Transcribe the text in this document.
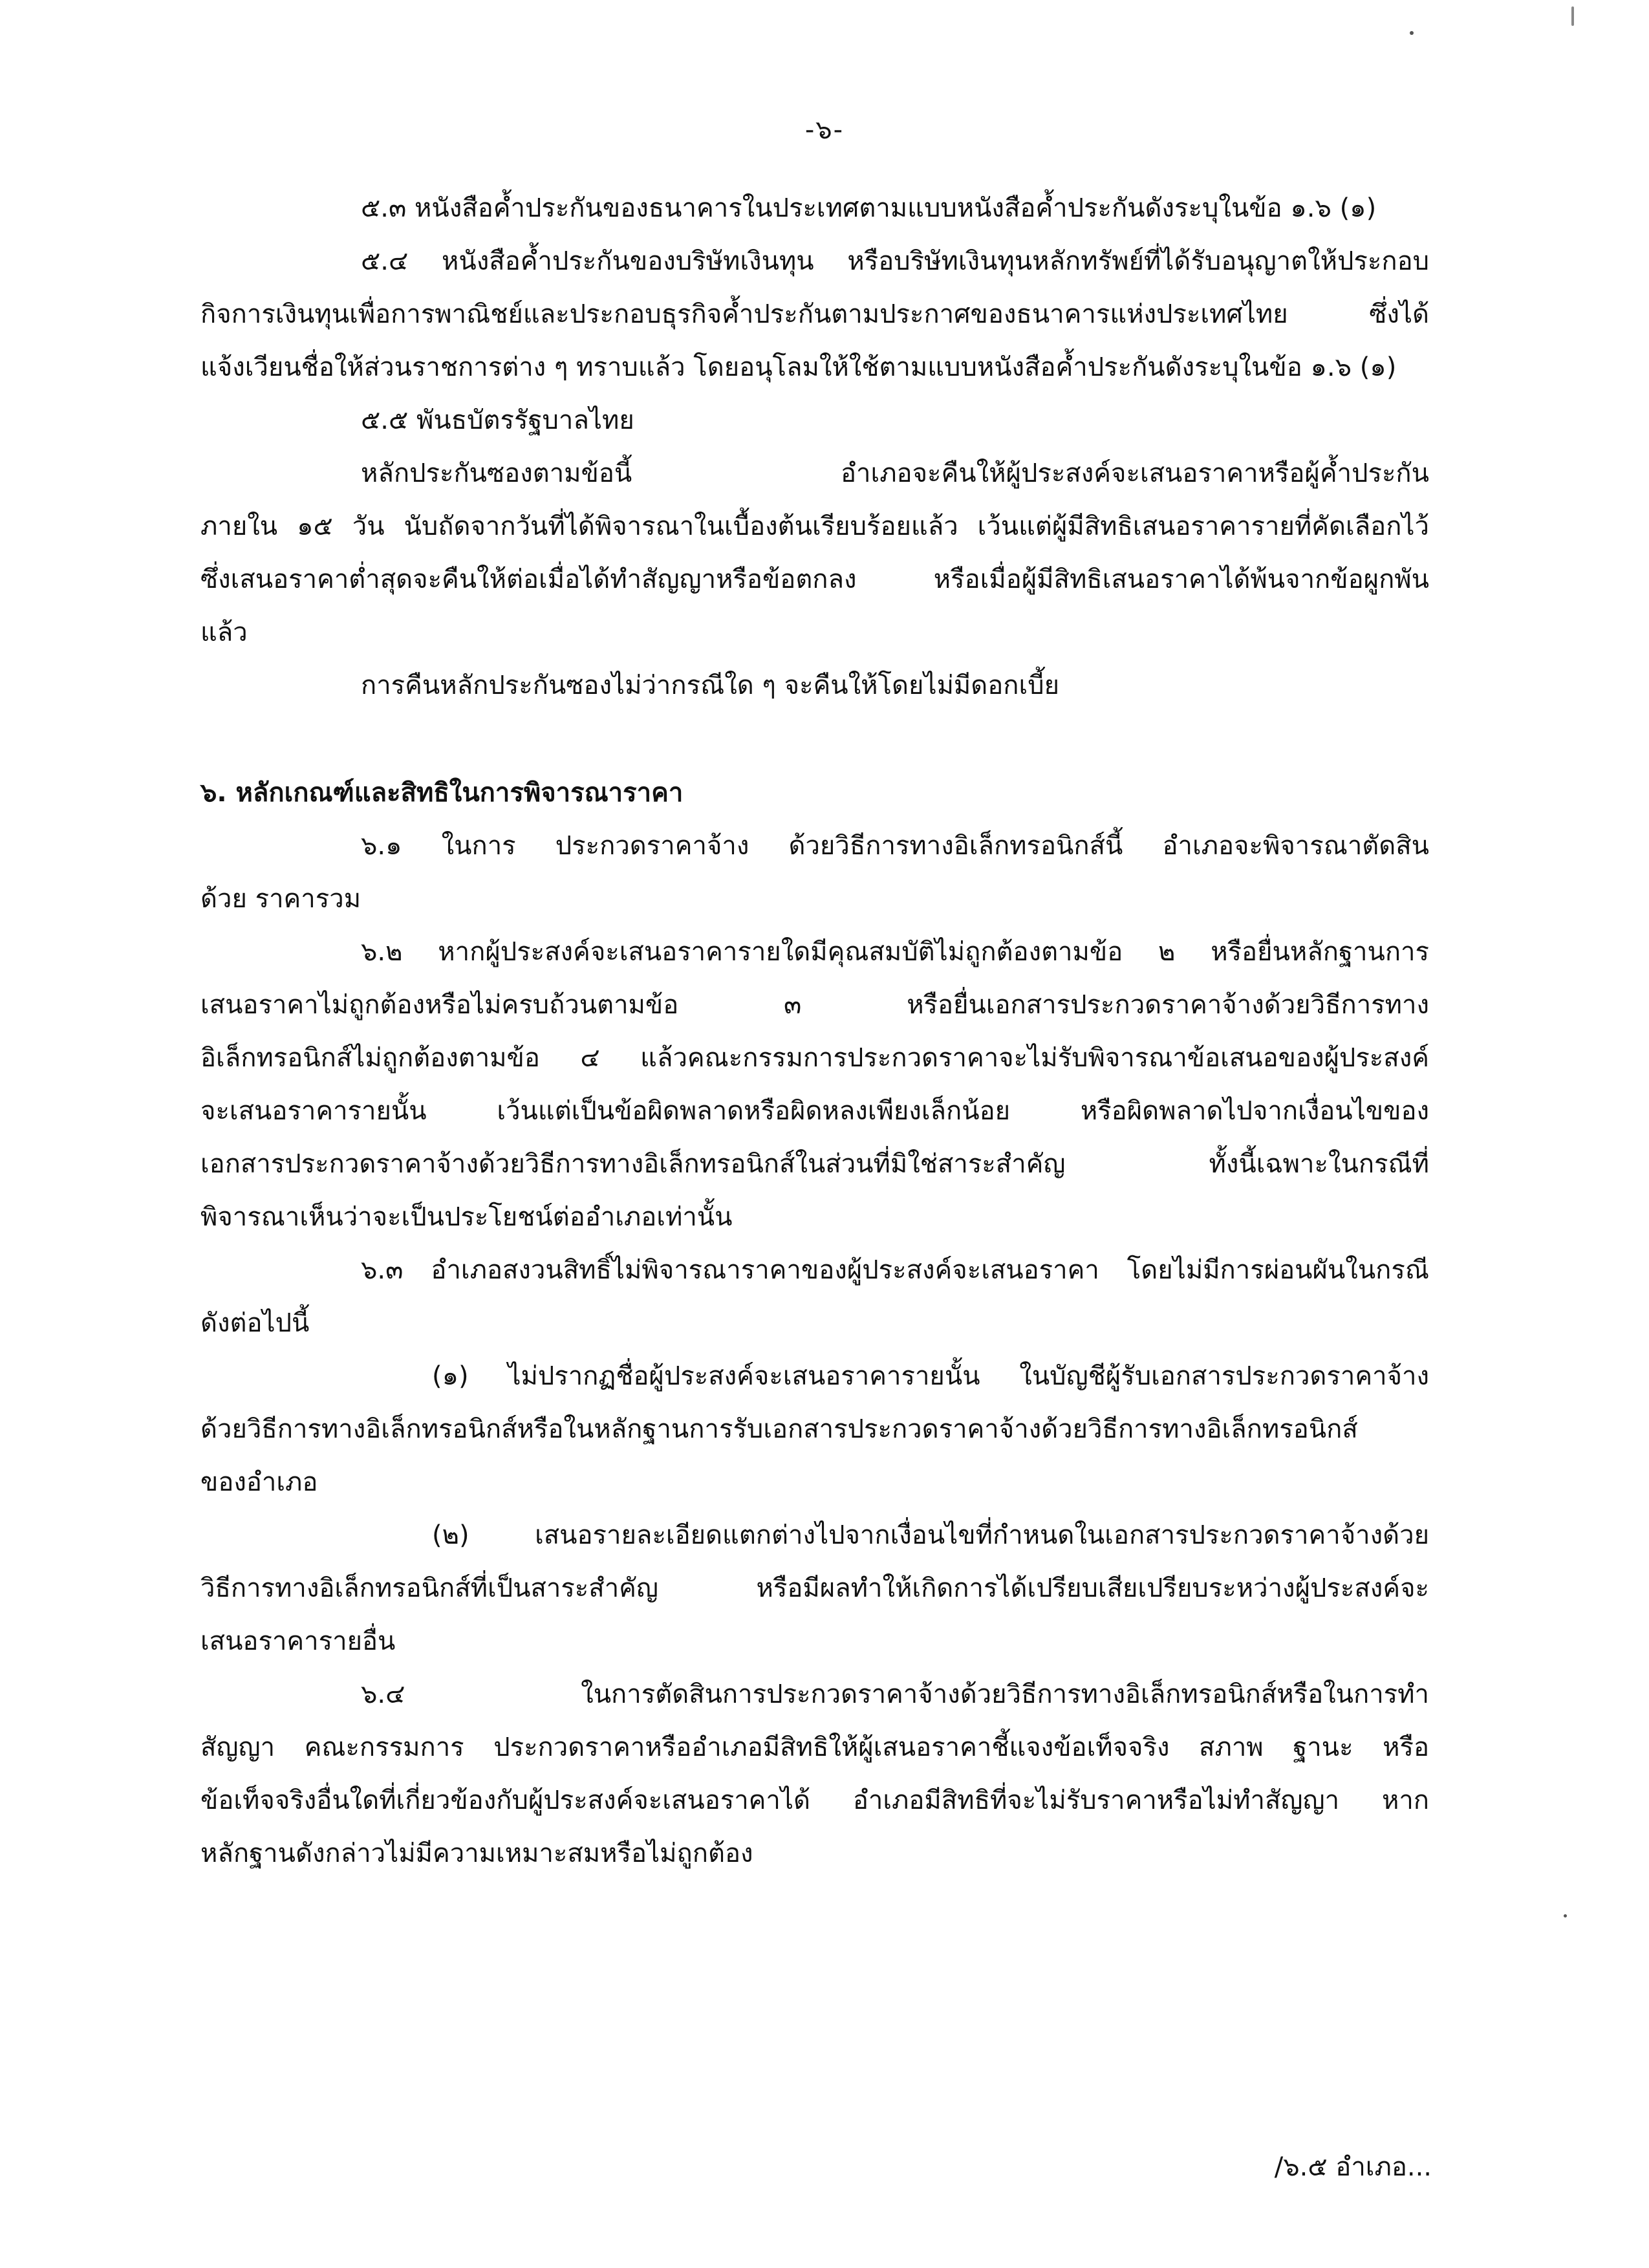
-๖-
๕.๓ หนังสือค้ำประกันของธนาคารในประเทศตามแบบหนังสือค้ำประกันดังระบุในข้อ ๑.๖ (๑)
๕.๔ หนังสือค้ำประกันของบริษัทเงินทุน หรือบริษัทเงินทุนหลักทรัพย์ที่ได้รับอนุญาตให้ประกอบ
กิจการเงินทุนเพื่อการพาณิชย์และประกอบธุรกิจค้ำประกันตามประกาศของธนาคารแห่งประเทศไทย ซึ่งได้
แจ้งเวียนชื่อให้ส่วนราชการต่าง ๆ ทราบแล้ว โดยอนุโลมให้ใช้ตามแบบหนังสือค้ำประกันดังระบุในข้อ ๑.๖ (๑)
๕.๕ พันธบัตรรัฐบาลไทย
หลักประกันซองตามข้อนี้ อำเภอจะคืนให้ผู้ประสงค์จะเสนอราคาหรือผู้ค้ำประกัน
ภายใน ๑๕ วัน นับถัดจากวันที่ได้พิจารณาในเบื้องต้นเรียบร้อยแล้ว เว้นแต่ผู้มีสิทธิเสนอราคารายที่คัดเลือกไว้
ซึ่งเสนอราคาต่ำสุดจะคืนให้ต่อเมื่อได้ทำสัญญาหรือข้อตกลง หรือเมื่อผู้มีสิทธิเสนอราคาได้พ้นจากข้อผูกพัน
แล้ว
การคืนหลักประกันซองไม่ว่ากรณีใด ๆ จะคืนให้โดยไม่มีดอกเบี้ย
๖. หลักเกณฑ์และสิทธิในการพิจารณาราคา
๖.๑ ในการ ประกวดราคาจ้าง ด้วยวิธีการทางอิเล็กทรอนิกส์นี้ อำเภอจะพิจารณาตัดสิน
ด้วย ราคารวม
๖.๒ หากผู้ประสงค์จะเสนอราคารายใดมีคุณสมบัติไม่ถูกต้องตามข้อ ๒ หรือยื่นหลักฐานการ
เสนอราคาไม่ถูกต้องหรือไม่ครบถ้วนตามข้อ ๓ หรือยื่นเอกสารประกวดราคาจ้างด้วยวิธีการทาง
อิเล็กทรอนิกส์ไม่ถูกต้องตามข้อ ๔ แล้วคณะกรรมการประกวดราคาจะไม่รับพิจารณาข้อเสนอของผู้ประสงค์
จะเสนอราคารายนั้น เว้นแต่เป็นข้อผิดพลาดหรือผิดหลงเพียงเล็กน้อย หรือผิดพลาดไปจากเงื่อนไขของ
เอกสารประกวดราคาจ้างด้วยวิธีการทางอิเล็กทรอนิกส์ในส่วนที่มิใช่สาระสำคัญ ทั้งนี้เฉพาะในกรณีที่
พิจารณาเห็นว่าจะเป็นประโยชน์ต่ออำเภอเท่านั้น
๖.๓ อำเภอสงวนสิทธิ์ไม่พิจารณาราคาของผู้ประสงค์จะเสนอราคา โดยไม่มีการผ่อนผันในกรณี
ดังต่อไปนี้
(๑) ไม่ปรากฏชื่อผู้ประสงค์จะเสนอราคารายนั้น ในบัญชีผู้รับเอกสารประกวดราคาจ้าง
ด้วยวิธีการทางอิเล็กทรอนิกส์หรือในหลักฐานการรับเอกสารประกวดราคาจ้างด้วยวิธีการทางอิเล็กทรอนิกส์
ของอำเภอ
(๒) เสนอรายละเอียดแตกต่างไปจากเงื่อนไขที่กำหนดในเอกสารประกวดราคาจ้างด้วย
วิธีการทางอิเล็กทรอนิกส์ที่เป็นสาระสำคัญ หรือมีผลทำให้เกิดการได้เปรียบเสียเปรียบระหว่างผู้ประสงค์จะ
เสนอราคารายอื่น
๖.๔ ในการตัดสินการประกวดราคาจ้างด้วยวิธีการทางอิเล็กทรอนิกส์หรือในการทำ
สัญญา คณะกรรมการ ประกวดราคาหรืออำเภอมีสิทธิให้ผู้เสนอราคาชี้แจงข้อเท็จจริง สภาพ ฐานะ หรือ
ข้อเท็จจริงอื่นใดที่เกี่ยวข้องกับผู้ประสงค์จะเสนอราคาได้ อำเภอมีสิทธิที่จะไม่รับราคาหรือไม่ทำสัญญา หาก
หลักฐานดังกล่าวไม่มีความเหมาะสมหรือไม่ถูกต้อง
/๖.๕ อำเภอ...
